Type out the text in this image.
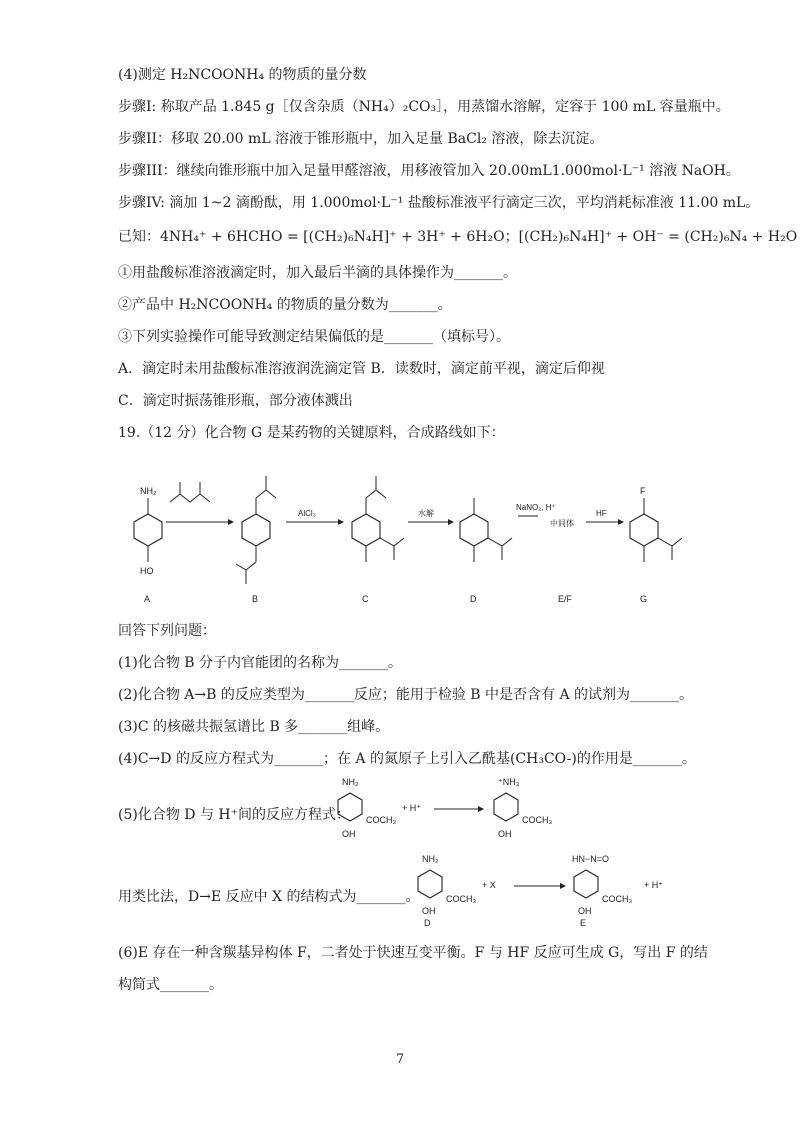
(4)测定 H₂NCOONH₄ 的物质的量分数
步骤I: 称取产品 1.845 g［仅含杂质（NH₄）₂CO₃］，用蒸馏水溶解，定容于 100 mL 容量瓶中。
步骤II：移取 20.00 mL 溶液于锥形瓶中，加入足量 BaCl₂ 溶液，除去沉淀。
步骤III：继续向锥形瓶中加入足量甲醛溶液，用移液管加入 20.00mL1.000mol·L⁻¹ 溶液 NaOH。
步骤IV: 滴加 1~2 滴酚酞，用 1.000mol·L⁻¹ 盐酸标准液平行滴定三次，平均消耗标准液 11.00 mL。
已知：4NH₄⁺ + 6HCHO = [(CH₂)₆N₄H]⁺ + 3H⁺ + 6H₂O；[(CH₂)₆N₄H]⁺ + OH⁻ = (CH₂)₆N₄ + H₂O
①用盐酸标准溶液滴定时，加入最后半滴的具体操作为_______。
②产品中 H₂NCOONH₄ 的物质的量分数为_______。
③下列实验操作可能导致测定结果偏低的是_______（填标号）。
A．滴定时未用盐酸标准溶液润洗滴定管 B．读数时，滴定前平视，滴定后仰视
C．滴定时振荡锥形瓶，部分液体溅出
19.（12 分）化合物 G 是某药物的关键原料，合成路线如下：
NH₂
HO
AlCl₃	水解
NaNO₂, H⁺
中间体
HF
F
A	B	C	D	E/F	G
回答下列问题：
(1)化合物 B 分子内官能团的名称为_______。
(2)化合物 A→B 的反应类型为_______反应；能用于检验 B 中是否含有 A 的试剂为_______。
(3)C 的核磁共振氢谱比 B 多_______组峰。
(4)C→D 的反应方程式为_______；在 A 的氮原子上引入乙酰基(CH₃CO-)的作用是_______。
(5)化合物 D 与 H⁺间的反应方程式：
NH₂
COCH₃
OH
+ H⁺
⁺NH₃
COCH₃
OH
用类比法，D→E 反应中 X 的结构式为_______。
NH₂
COCH₃
OH
D
+ X
HN−N=O
COCH₃
OH
E
+ H⁺
(6)E 存在一种含羰基异构体 F，二者处于快速互变平衡。F 与 HF 反应可生成 G，写出 F 的结
构简式_______。
7
